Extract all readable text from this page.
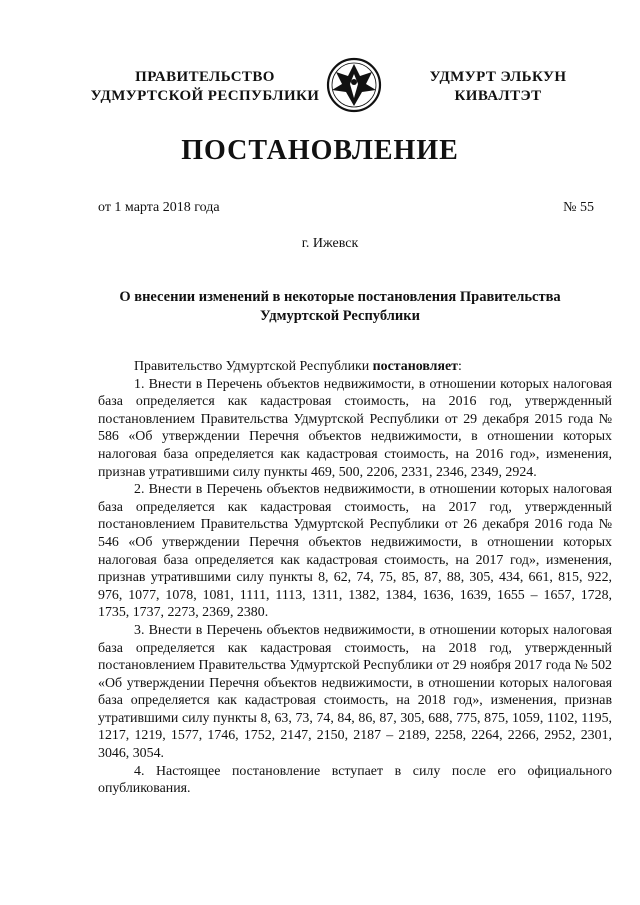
ПРАВИТЕЛЬСТВО
УДМУРТСКОЙ РЕСПУБЛИКИ
УДМУРТ ЭЛЬКУН
КИВАЛТЭТ
ПОСТАНОВЛЕНИЕ
от 1 марта 2018 года	№ 55
г. Ижевск
О внесении изменений в некоторые постановления Правительства
Удмуртской Республики

Правительство Удмуртской Республики постановляет:

1. Внести в Перечень объектов недвижимости, в отношении которых налоговая база определяется как кадастровая стоимость, на 2016 год, утвержденный постановлением Правительства Удмуртской Республики от 29 декабря 2015 года № 586 «Об утверждении Перечня объектов недвижимости, в отношении которых налоговая база определяется как кадастровая стоимость, на 2016 год», изменения, признав утратившими силу пункты 469, 500, 2206, 2331, 2346, 2349, 2924.

2. Внести в Перечень объектов недвижимости, в отношении которых налоговая база определяется как кадастровая стоимость, на 2017 год, утвержденный постановлением Правительства Удмуртской Республики от 26 декабря 2016 года № 546 «Об утверждении Перечня объектов недвижимости, в отношении которых налоговая база определяется как кадастровая стоимость, на 2017 год», изменения, признав утратившими силу пункты 8, 62, 74, 75, 85, 87, 88, 305, 434, 661, 815, 922, 976, 1077, 1078, 1081, 1111, 1113, 1311, 1382, 1384, 1636, 1639, 1655 – 1657, 1728, 1735, 1737, 2273, 2369, 2380.

3. Внести в Перечень объектов недвижимости, в отношении которых налоговая база определяется как кадастровая стоимость, на 2018 год, утвержденный постановлением Правительства Удмуртской Республики от 29 ноября 2017 года № 502 «Об утверждении Перечня объектов недвижимости, в отношении которых налоговая база определяется как кадастровая стоимость, на 2018 год», изменения, признав утратившими силу пункты 8, 63, 73, 74, 84, 86, 87, 305, 688, 775, 875, 1059, 1102, 1195, 1217, 1219, 1577, 1746, 1752, 2147, 2150, 2187 – 2189, 2258, 2264, 2266, 2952, 2301, 3046, 3054.

4. Настоящее постановление вступает в силу после его официального опубликования.
